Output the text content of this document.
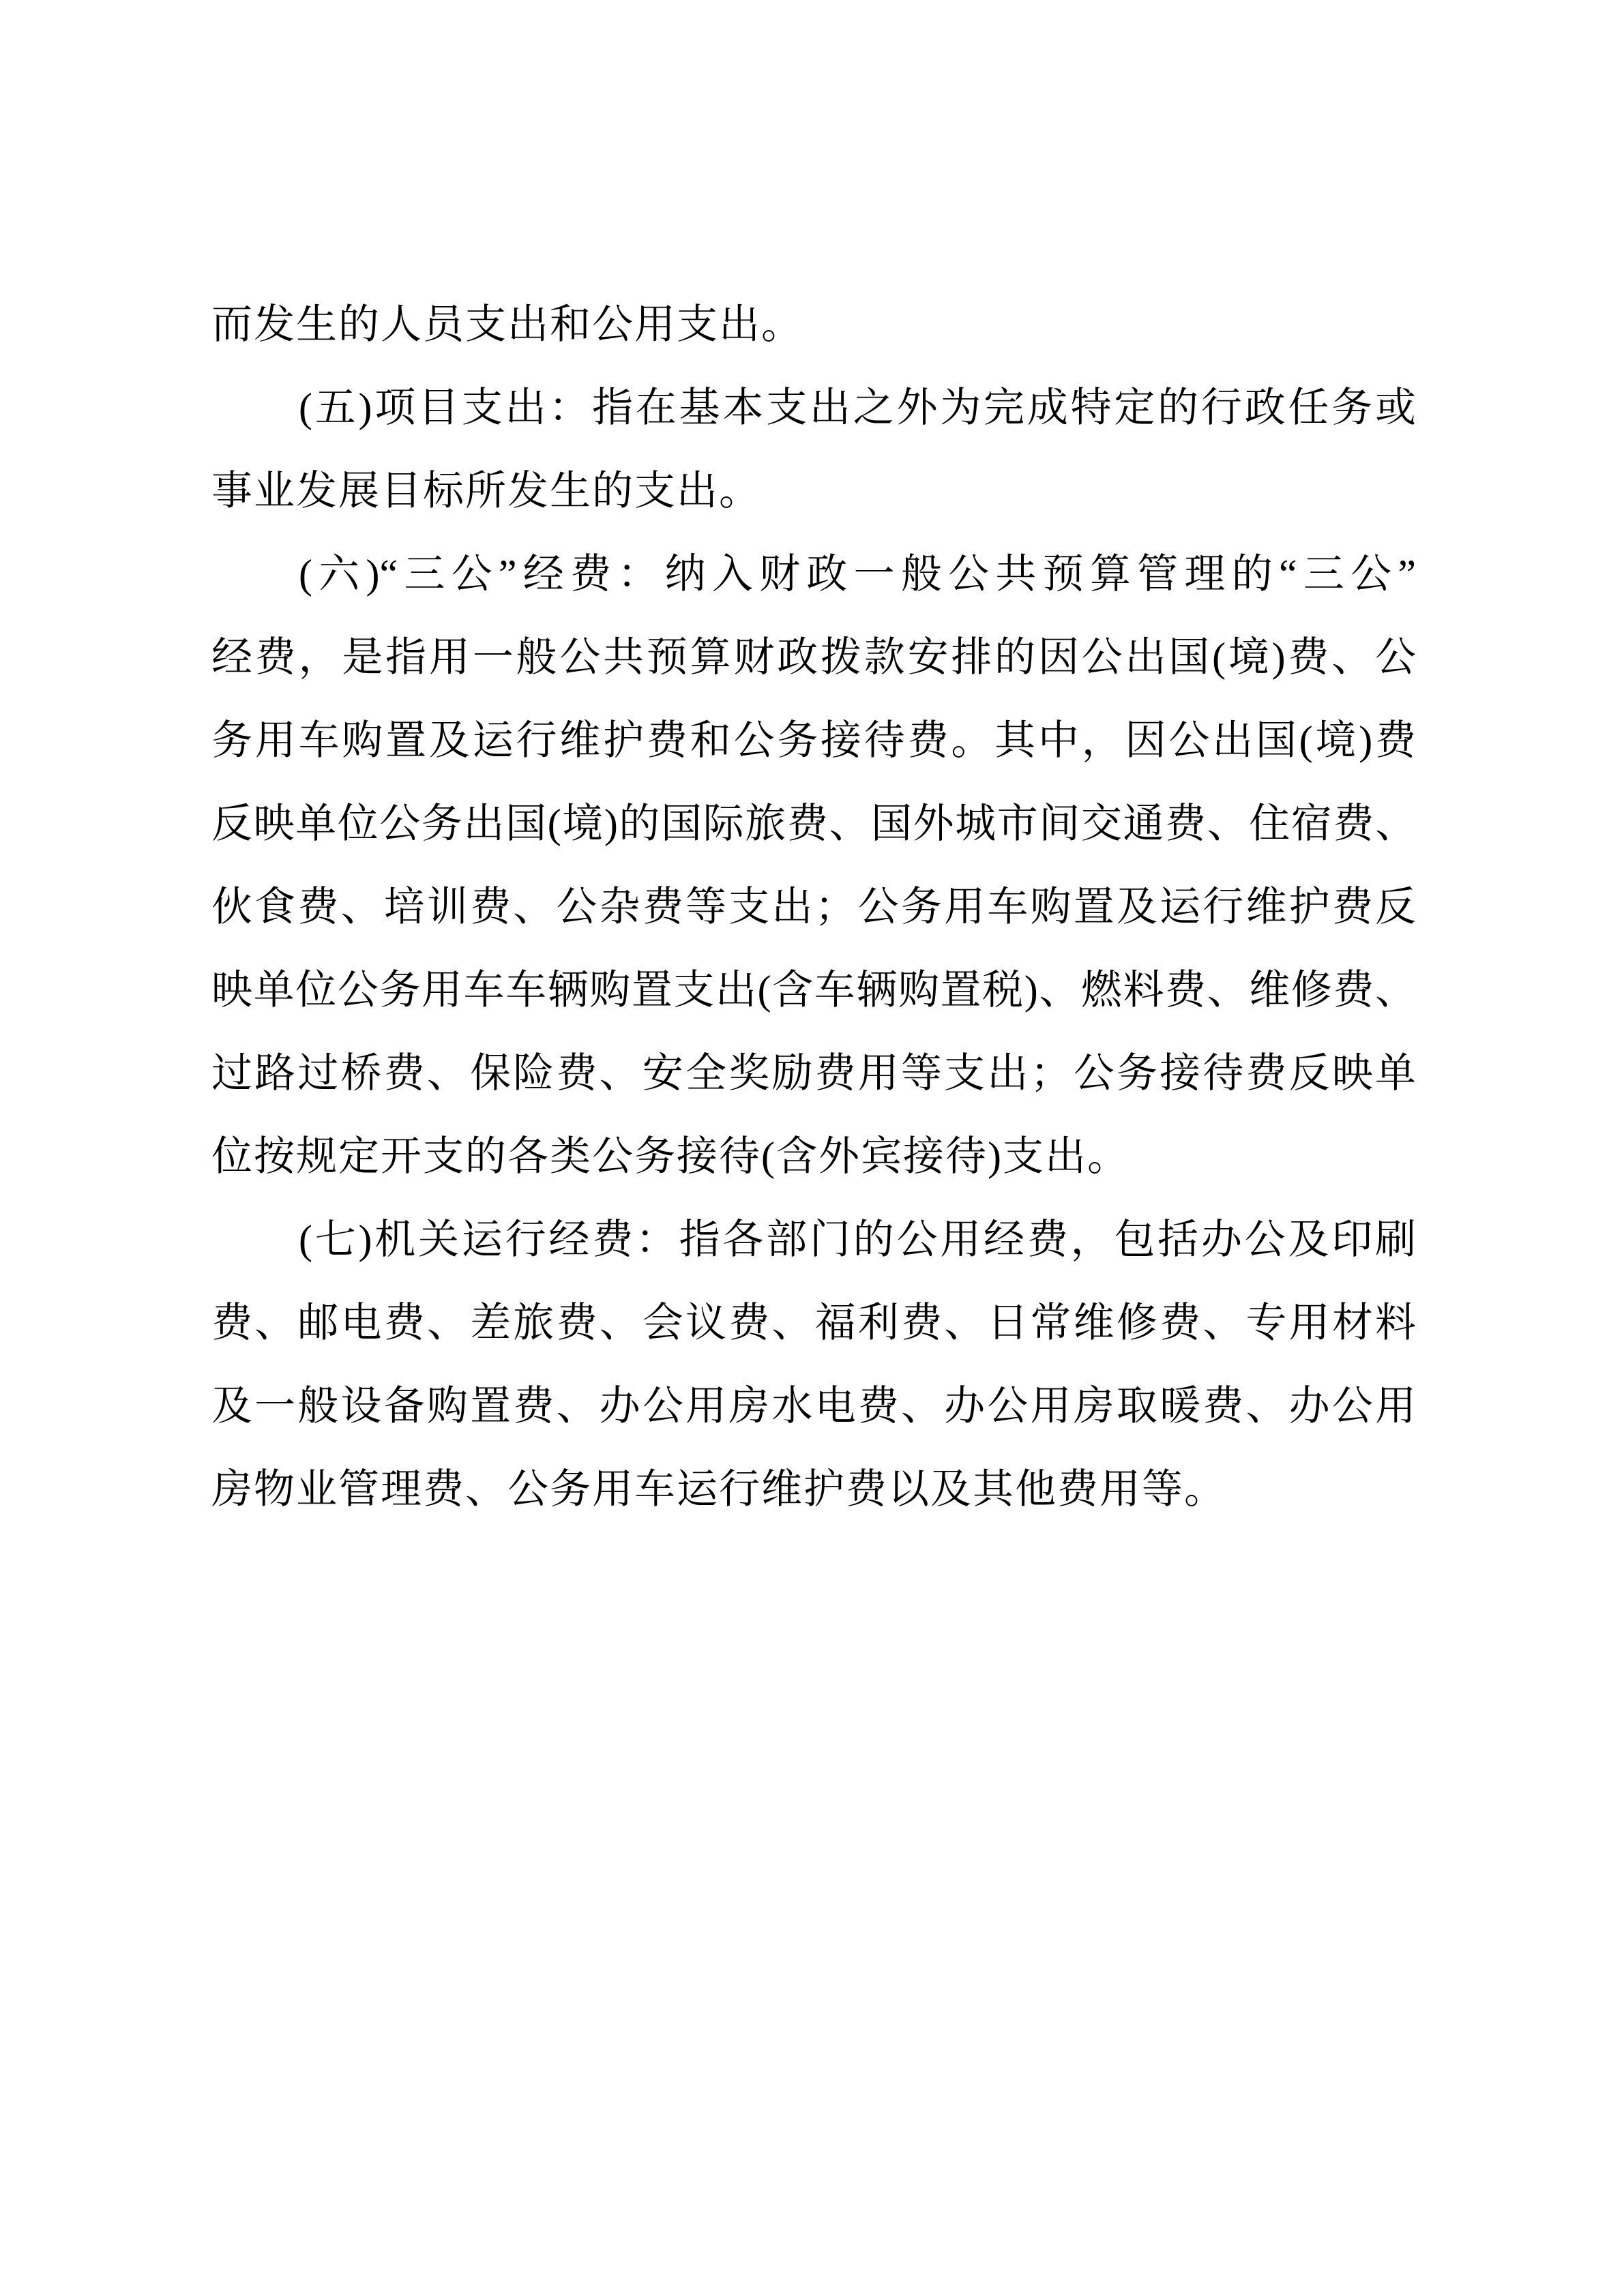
而发生的人员支出和公用支出。
(五)项目支出：指在基本支出之外为完成特定的行政任务或
事业发展目标所发生的支出。
(六)“三公”经费：纳入财政一般公共预算管理的“三公”
经费，是指用一般公共预算财政拨款安排的因公出国(境)费、公
务用车购置及运行维护费和公务接待费。其中，因公出国(境)费
反映单位公务出国(境)的国际旅费、国外城市间交通费、住宿费、
伙食费、培训费、公杂费等支出；公务用车购置及运行维护费反
映单位公务用车车辆购置支出(含车辆购置税)、燃料费、维修费、
过路过桥费、保险费、安全奖励费用等支出；公务接待费反映单
位按规定开支的各类公务接待(含外宾接待)支出。
(七)机关运行经费：指各部门的公用经费，包括办公及印刷
费、邮电费、差旅费、会议费、福利费、日常维修费、专用材料
及一般设备购置费、办公用房水电费、办公用房取暖费、办公用
房物业管理费、公务用车运行维护费以及其他费用等。
